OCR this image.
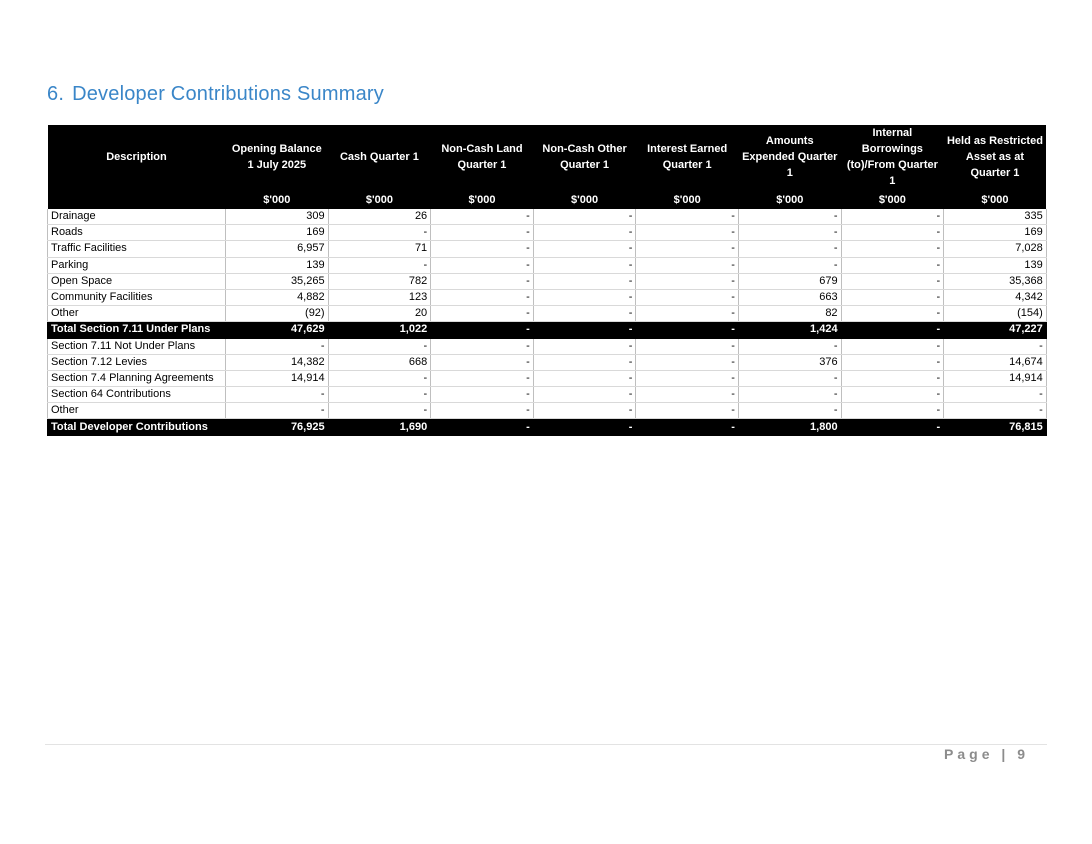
6. Developer Contributions Summary
Description	Opening Balance 1 July 2025	Cash Quarter 1	Non-Cash Land Quarter 1	Non-Cash Other Quarter 1	Interest Earned Quarter 1	Amounts Expended Quarter 1	Internal Borrowings (to)/From Quarter 1	Held as Restricted Asset as at Quarter 1
	$'000	$'000	$'000	$'000	$'000	$'000	$'000	$'000
Drainage	309	26	-	-	-	-	-	335
Roads	169	-	-	-	-	-	-	169
Traffic Facilities	6,957	71	-	-	-	-	-	7,028
Parking	139	-	-	-	-	-	-	139
Open Space	35,265	782	-	-	-	679	-	35,368
Community Facilities	4,882	123	-	-	-	663	-	4,342
Other	(92)	20	-	-	-	82	-	(154)
Total Section 7.11 Under Plans	47,629	1,022	-	-	-	1,424	-	47,227
Section 7.11 Not Under Plans	-	-	-	-	-	-	-	-
Section 7.12 Levies	14,382	668	-	-	-	376	-	14,674
Section 7.4 Planning Agreements	14,914	-	-	-	-	-	-	14,914
Section 64 Contributions	-	-	-	-	-	-	-	-
Other	-	-	-	-	-	-	-	-
Total Developer Contributions	76,925	1,690	-	-	-	1,800	-	76,815
Page | 9
